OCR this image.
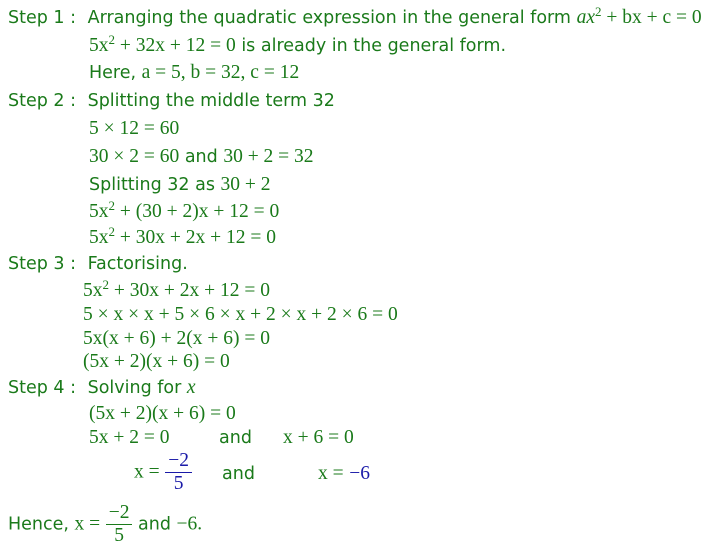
Step 1 : Arranging the quadratic expression in the general form $ax^2$ + bx + c = 0
$5x^2 + 32x + 12 = 0$ is already in the general form.
Here, a = 5, b = 32, c = 12
Step 2 : Splitting the middle term 32
5 × 12 = 60
30 × 2 = 60 and 30 + 2 = 32
Splitting 32 as 30 + 2
$5x^2 + (30 + 2)x + 12 = 0$
$5x^2 + 30x + 2x + 12 = 0$
Step 3 : Factorising.
$5x^2 + 30x + 2x + 12 = 0$
5 × x × x + 5 × 6 × x + 2 × x + 2 × 6 = 0
5x(x + 6) + 2(x + 6) = 0
(5x + 2)(x + 6) = 0
Step 4 : Solving for x
(5x + 2)(x + 6) = 0
5x + 2 = 0	and x + 6 = 0
$x = \frac{-2}{5}$ and	x = −6
Hence, $x = \frac{-2}{5}$ and −6.
